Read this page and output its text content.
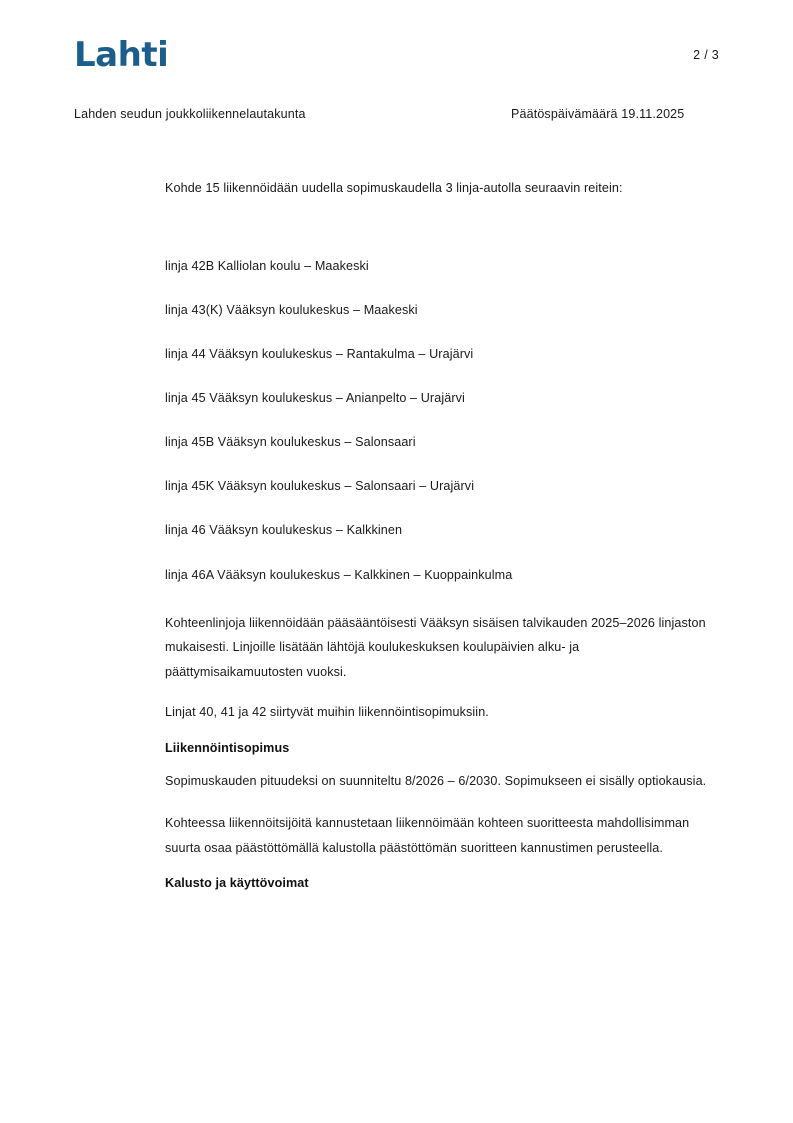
Lahti	2 / 3
Lahden seudun joukkoliikennelautakunta	Päätöspäivämäärä 19.11.2025

Kohde 15 liikennöidään uudella sopimuskaudella 3 linja-autolla seuraavin reitein:

linja 42B Kalliolan koulu – Maakeski
linja 43(K) Vääksyn koulukeskus – Maakeski
linja 44 Vääksyn koulukeskus – Rantakulma – Urajärvi
linja 45 Vääksyn koulukeskus – Anianpelto – Urajärvi
linja 45B Vääksyn koulukeskus – Salonsaari
linja 45K Vääksyn koulukeskus – Salonsaari – Urajärvi
linja 46 Vääksyn koulukeskus – Kalkkinen
linja 46A Vääksyn koulukeskus – Kalkkinen – Kuoppainkulma

Kohteenlinjoja liikennöidään pääsääntöisesti Vääksyn sisäisen talvikauden 2025–2026 linjaston mukaisesti. Linjoille lisätään lähtöjä koulukeskuksen koulupäivien alku- ja päättymisaikamuutosten vuoksi.

Linjat 40, 41 ja 42 siirtyvät muihin liikennöintisopimuksiin.

Liikennöintisopimus

Sopimuskauden pituudeksi on suunniteltu 8/2026 – 6/2030. Sopimukseen ei sisälly optiokausia.

Kohteessa liikennöitsijöitä kannustetaan liikennöimään kohteen suoritteesta mahdollisimman suurta osaa päästöttömällä kalustolla päästöttömän suoritteen kannustimen perusteella.

Kalusto ja käyttövoimat
